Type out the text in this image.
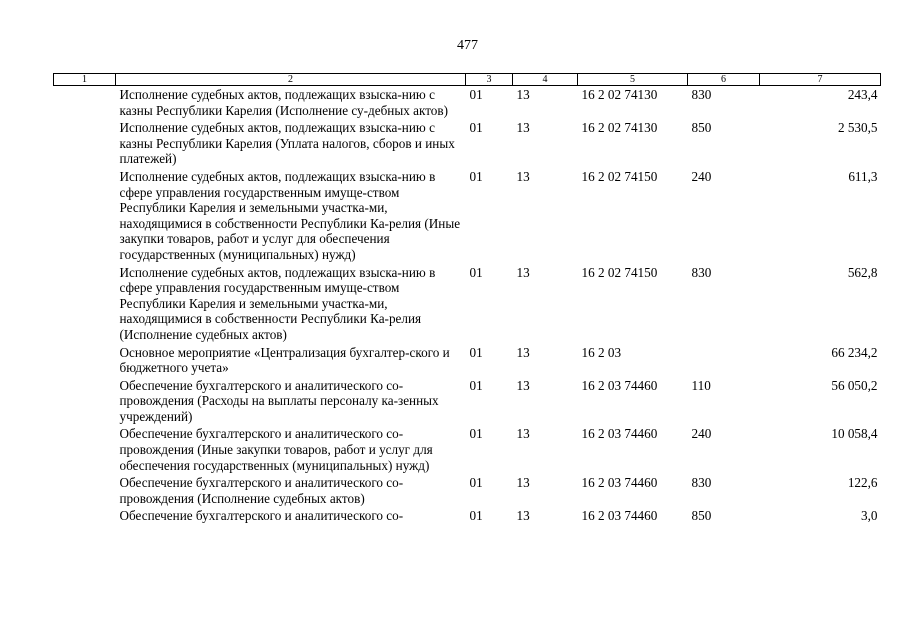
477
1	2	3	4	5	6	7
	Исполнение судебных актов, подлежащих взыска-нию с казны Республики Карелия (Исполнение су-дебных актов)	01	13	16 2 02 74130	830	243,4
	Исполнение судебных актов, подлежащих взыска-нию с казны Республики Карелия (Уплата налогов, сборов и иных платежей)	01	13	16 2 02 74130	850	2 530,5
	Исполнение судебных актов, подлежащих взыска-нию в сфере управления государственным имуще-ством Республики Карелия и земельными участка-ми, находящимися в собственности Республики Ка-релия (Иные закупки товаров, работ и услуг для обеспечения государственных (муниципальных) нужд)	01	13	16 2 02 74150	240	611,3
	Исполнение судебных актов, подлежащих взыска-нию в сфере управления государственным имуще-ством Республики Карелия и земельными участка-ми, находящимися в собственности Республики Ка-релия (Исполнение судебных актов)	01	13	16 2 02 74150	830	562,8
	Основное мероприятие «Централизация бухгалтер-ского и бюджетного учета»	01	13	16 2 03		66 234,2
	Обеспечение бухгалтерского и аналитического со-провождения (Расходы на выплаты персоналу ка-зенных учреждений)	01	13	16 2 03 74460	110	56 050,2
	Обеспечение бухгалтерского и аналитического со-провождения (Иные закупки товаров, работ и услуг для обеспечения государственных (муниципальных) нужд)	01	13	16 2 03 74460	240	10 058,4
	Обеспечение бухгалтерского и аналитического со-провождения (Исполнение судебных актов)	01	13	16 2 03 74460	830	122,6
	Обеспечение бухгалтерского и аналитического со-	01	13	16 2 03 74460	850	3,0
